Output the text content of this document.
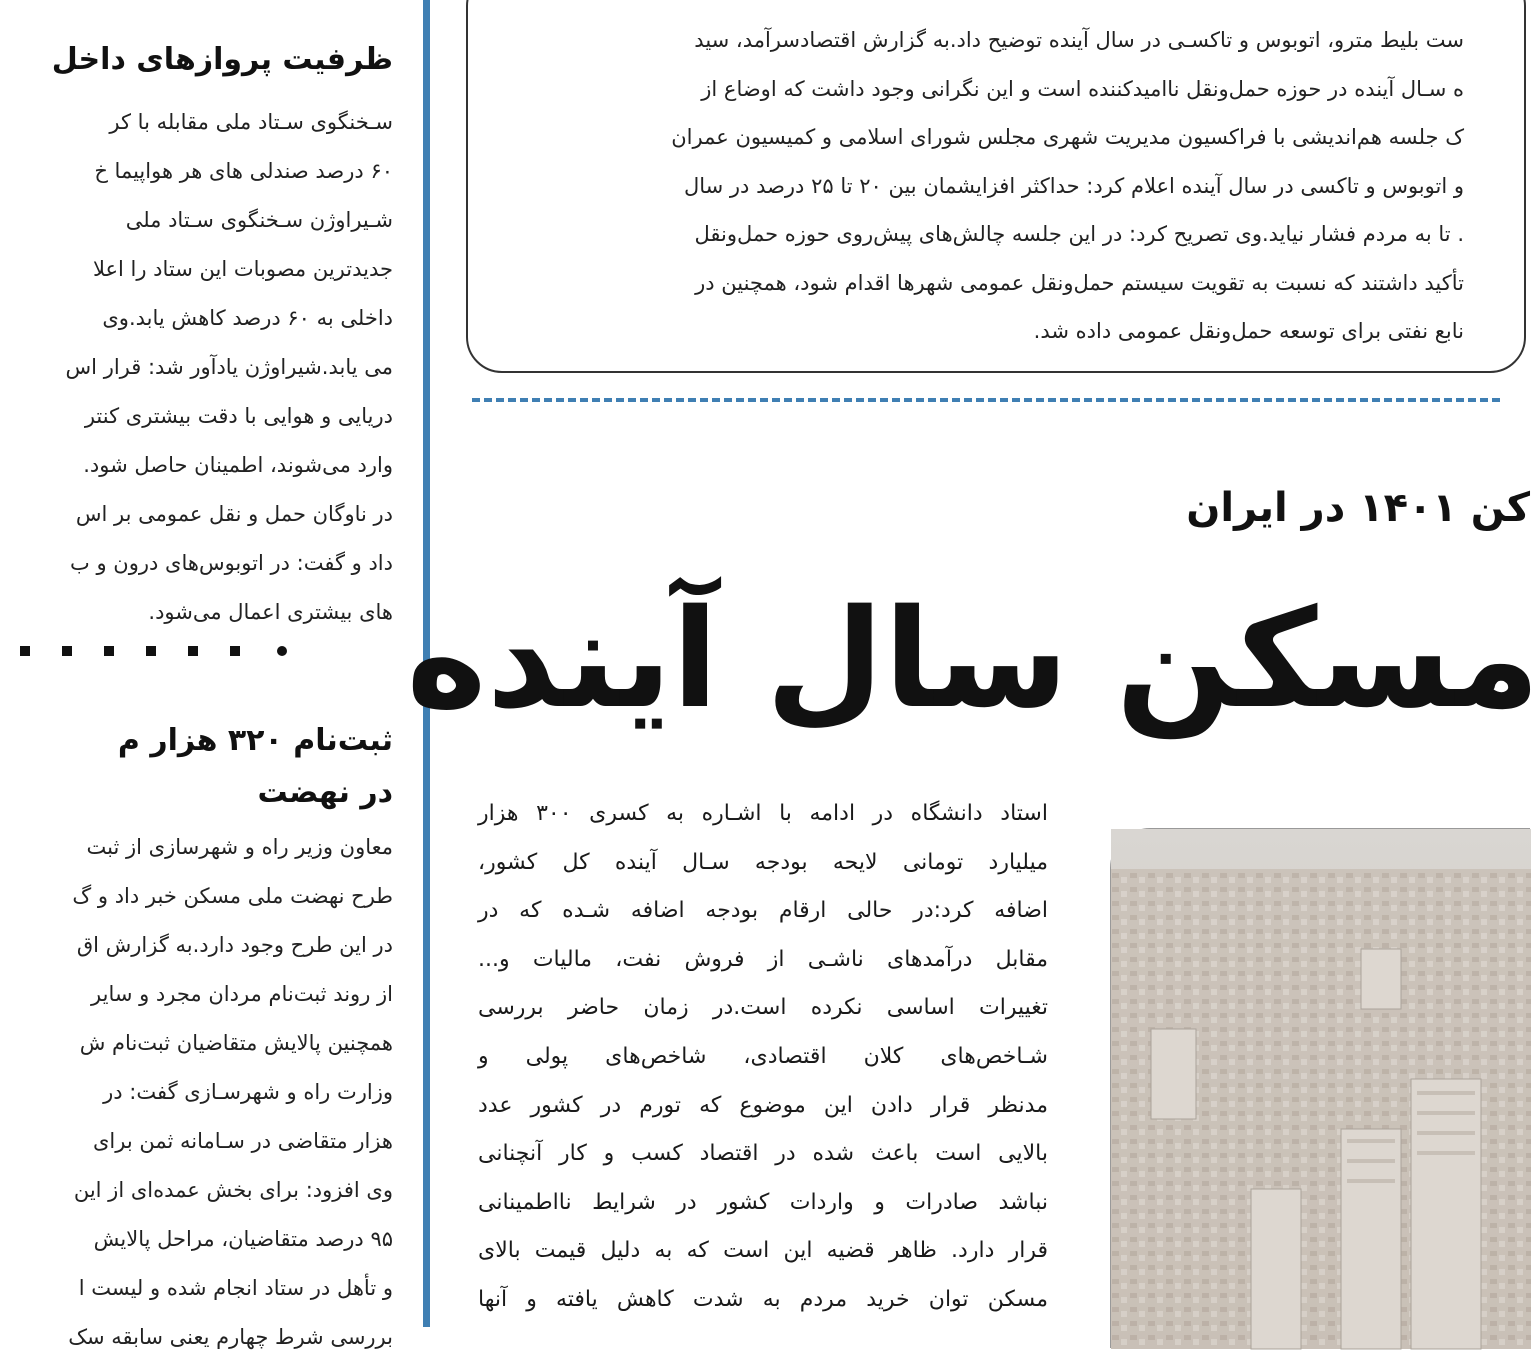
ظرفیت پروازهای داخل
سـخنگوی سـتاد ملی مقابله با کر
۶۰ درصد صندلی های هر هواپیما خ
شـیراوژن سـخنگوی سـتاد ملی
جدیدترین مصوبات این ستاد را اعلا
داخلی به ۶۰ درصد کاهش یابد.وی
می یابد.شیراوژن یادآور شد: قرار اس
دریایی و هوایی با دقت بیشتری کنتر
وارد می‌شوند، اطمینان حاصل شود.
در ناوگان حمل و نقل عمومی بر اس
داد و گفت: در اتوبوس‌های درون و ب
های بیشتری اعمال می‌شود.
ثبت‌نام ۳۲۰ هزار م
در نهضت
معاون وزیر راه و شهرسازی از ثبت
طرح نهضت ملی مسکن خبر داد و گ
در این طرح وجود دارد.به گزارش اق
از روند ثبت‌نام مردان مجرد و سایر
همچنین پالایش متقاضیان ثبت‌نام ش
وزارت راه و شهرسـازی گفت: در
هزار متقاضی در سـامانه ثمن برای
وی افزود: برای بخش عمده‌ای از این
۹۵ درصد متقاضیان، مراحل پالایش
و تأهل در ستاد انجام شده و لیست ا
بررسی شرط چهارم یعنی سابقه سک
ست بلیط مترو، اتوبوس و تاکسـی در سال آینده توضیح داد.به گزارش اقتصادسرآمد، سید
ه سـال آینده در حوزه حمل‌ونقل ناامیدکننده است و این نگرانی وجود داشت که اوضاع از
ک جلسه هم‌اندیشی با فراکسیون مدیریت شهری مجلس شورای اسلامی و کمیسیون عمران
و اتوبوس و تاکسی در سال آینده اعلام کرد: حداکثر افزایشمان بین ۲۰ تا ۲۵ درصد در سال
. تا به مردم فشار نیاید.وی تصریح کرد: در این جلسه چالش‌های پیش‌روی حوزه حمل‌ونقل
تأکید داشتند که نسبت به تقویت سیستم حمل‌ونقل عمومی شهرها اقدام شود، همچنین در
نابع نفتی برای توسعه حمل‌ونقل عمومی داده شد.
کن ۱۴۰۱ در ایران
مسکن سال آینده
استاد دانشگاه در ادامه با اشـاره به کسری ۳۰۰ هزار
میلیارد تومانی لایحه بودجه سـال آینده کل کشور،
اضافه کرد:در حالی ارقام بودجه اضافه شـده که در
مقابل درآمدهای ناشـی از فروش نفت، مالیات و...
تغییرات اساسی نکرده است.در زمان حاضر بررسی
شـاخص‌های کلان اقتصادی، شاخص‌های پولی و
مدنظر قرار دادن این موضوع که تورم در کشور عدد
بالایی است باعث شده در اقتصاد کسب و کار آنچنانی
نباشد صادرات و واردات کشور در شرایط نااطمینانی
قرار دارد. ظاهر قضیه این است که به دلیل قیمت بالای
مسکن توان خرید مردم به شدت کاهش یافته و آنها
